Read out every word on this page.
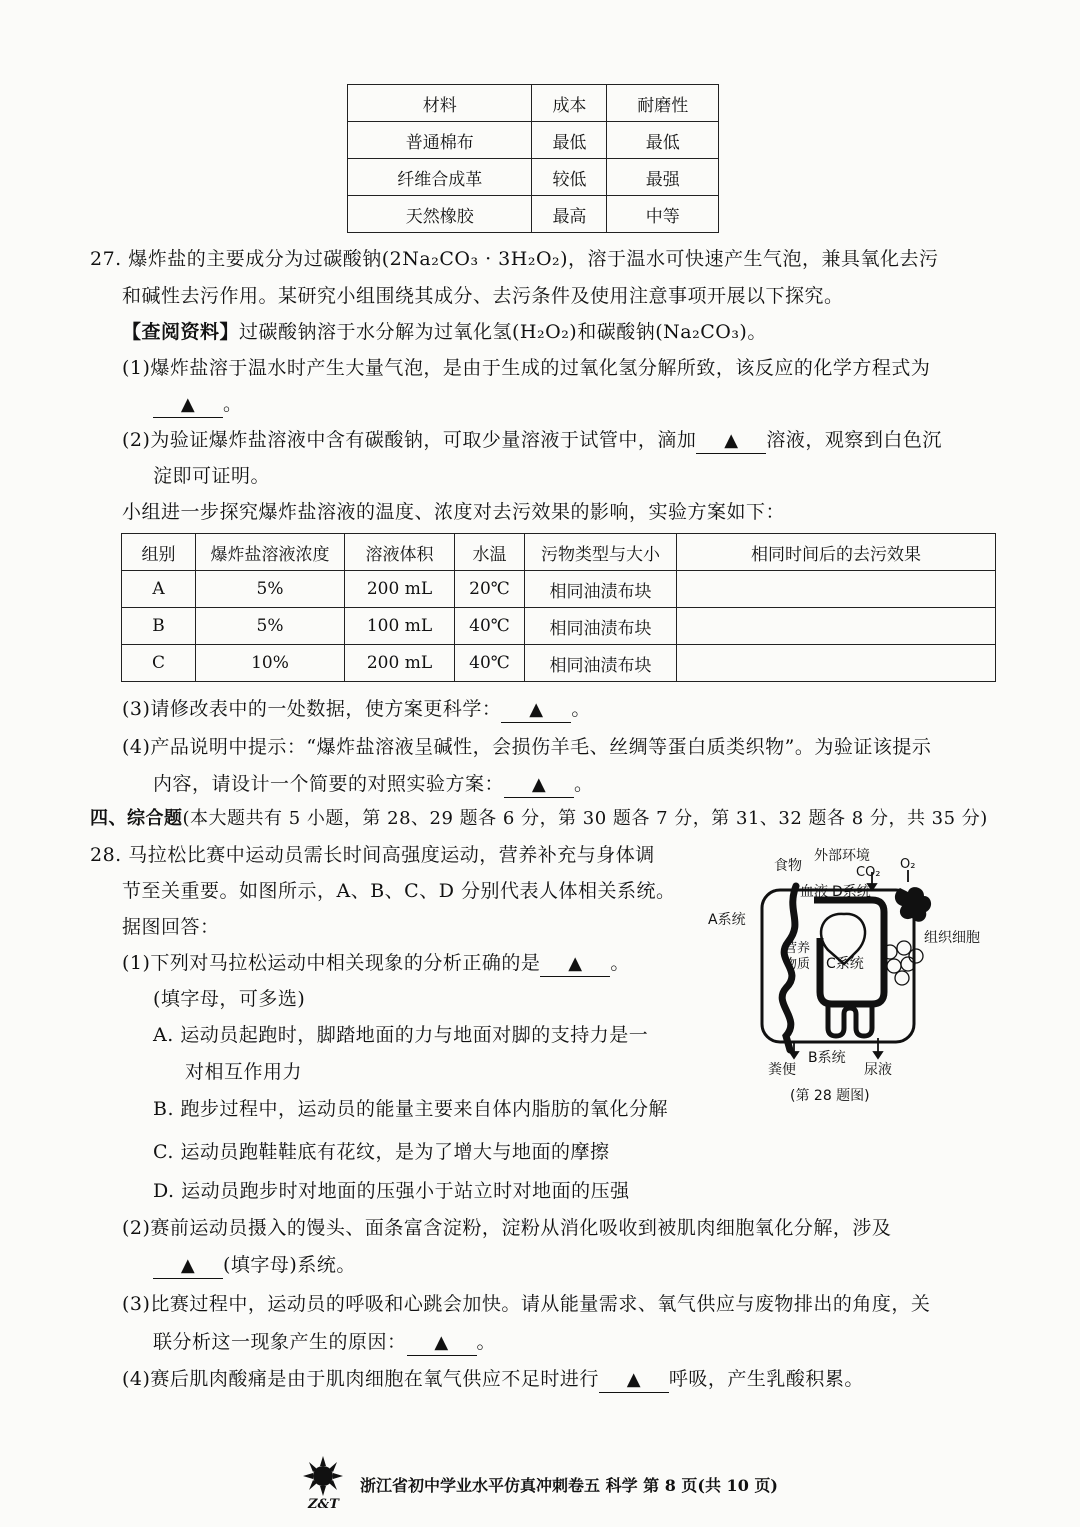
材料	成本	耐磨性
普通棉布	最低	最低
纤维合成革	较低	最强
天然橡胶	最高	中等
27. 爆炸盐的主要成分为过碳酸钠(2Na₂CO₃ · 3H₂O₂)，溶于温水可快速产生气泡，兼具氧化去污
和碱性去污作用。某研究小组围绕其成分、去污条件及使用注意事项开展以下探究。
【查阅资料】过碳酸钠溶于水分解为过氧化氢(H₂O₂)和碳酸钠(Na₂CO₃)。
(1)爆炸盐溶于温水时产生大量气泡，是由于生成的过氧化氢分解所致，该反应的化学方程式为
▲ 。
(2)为验证爆炸盐溶液中含有碳酸钠，可取少量溶液于试管中，滴加 ▲ 溶液，观察到白色沉
淀即可证明。
小组进一步探究爆炸盐溶液的温度、浓度对去污效果的影响，实验方案如下：
组别	爆炸盐溶液浓度	溶液体积	水温	污物类型与大小	相同时间后的去污效果
A	5%	200 mL	20℃	相同油渍布块	
B	5%	100 mL	40℃	相同油渍布块	
C	10%	200 mL	40℃	相同油渍布块	
(3)请修改表中的一处数据，使方案更科学： ▲ 。
(4)产品说明中提示：“爆炸盐溶液呈碱性，会损伤羊毛、丝绸等蛋白质类织物”。为验证该提示
内容，请设计一个简要的对照实验方案： ▲ 。
四、综合题(本大题共有 5 小题，第 28、29 题各 6 分，第 30 题各 7 分，第 31、32 题各 8 分，共 35 分)
28. 马拉松比赛中运动员需长时间高强度运动，营养补充与身体调
节至关重要。如图所示，A、B、C、D 分别代表人体相关系统。
据图回答：
(1)下列对马拉松运动中相关现象的分析正确的是 ▲ 。
(填字母，可多选)
A. 运动员起跑时，脚踏地面的力与地面对脚的支持力是一
对相互作用力
B. 跑步过程中，运动员的能量主要来自体内脂肪的氧化分解
C. 运动员跑鞋鞋底有花纹，是为了增大与地面的摩擦
D. 运动员跑步时对地面的压强小于站立时对地面的压强
(2)赛前运动员摄入的馒头、面条富含淀粉，淀粉从消化吸收到被肌肉细胞氧化分解，涉及
▲ (填字母)系统。
(3)比赛过程中，运动员的呼吸和心跳会加快。请从能量需求、氧气供应与废物排出的角度，关
联分析这一现象产生的原因： ▲ 。
(4)赛后肌肉酸痛是由于肌肉细胞在氧气供应不足时进行 ▲ 呼吸，产生乳酸积累。
食物
外部环境
CO₂
O₂
血液 D系统
A系统
营养
物质 C系统
组织细胞
粪便
B系统
尿液
(第 28 题图)
Z&T
浙江省初中学业水平仿真冲刺卷五 科学 第 8 页(共 10 页)
